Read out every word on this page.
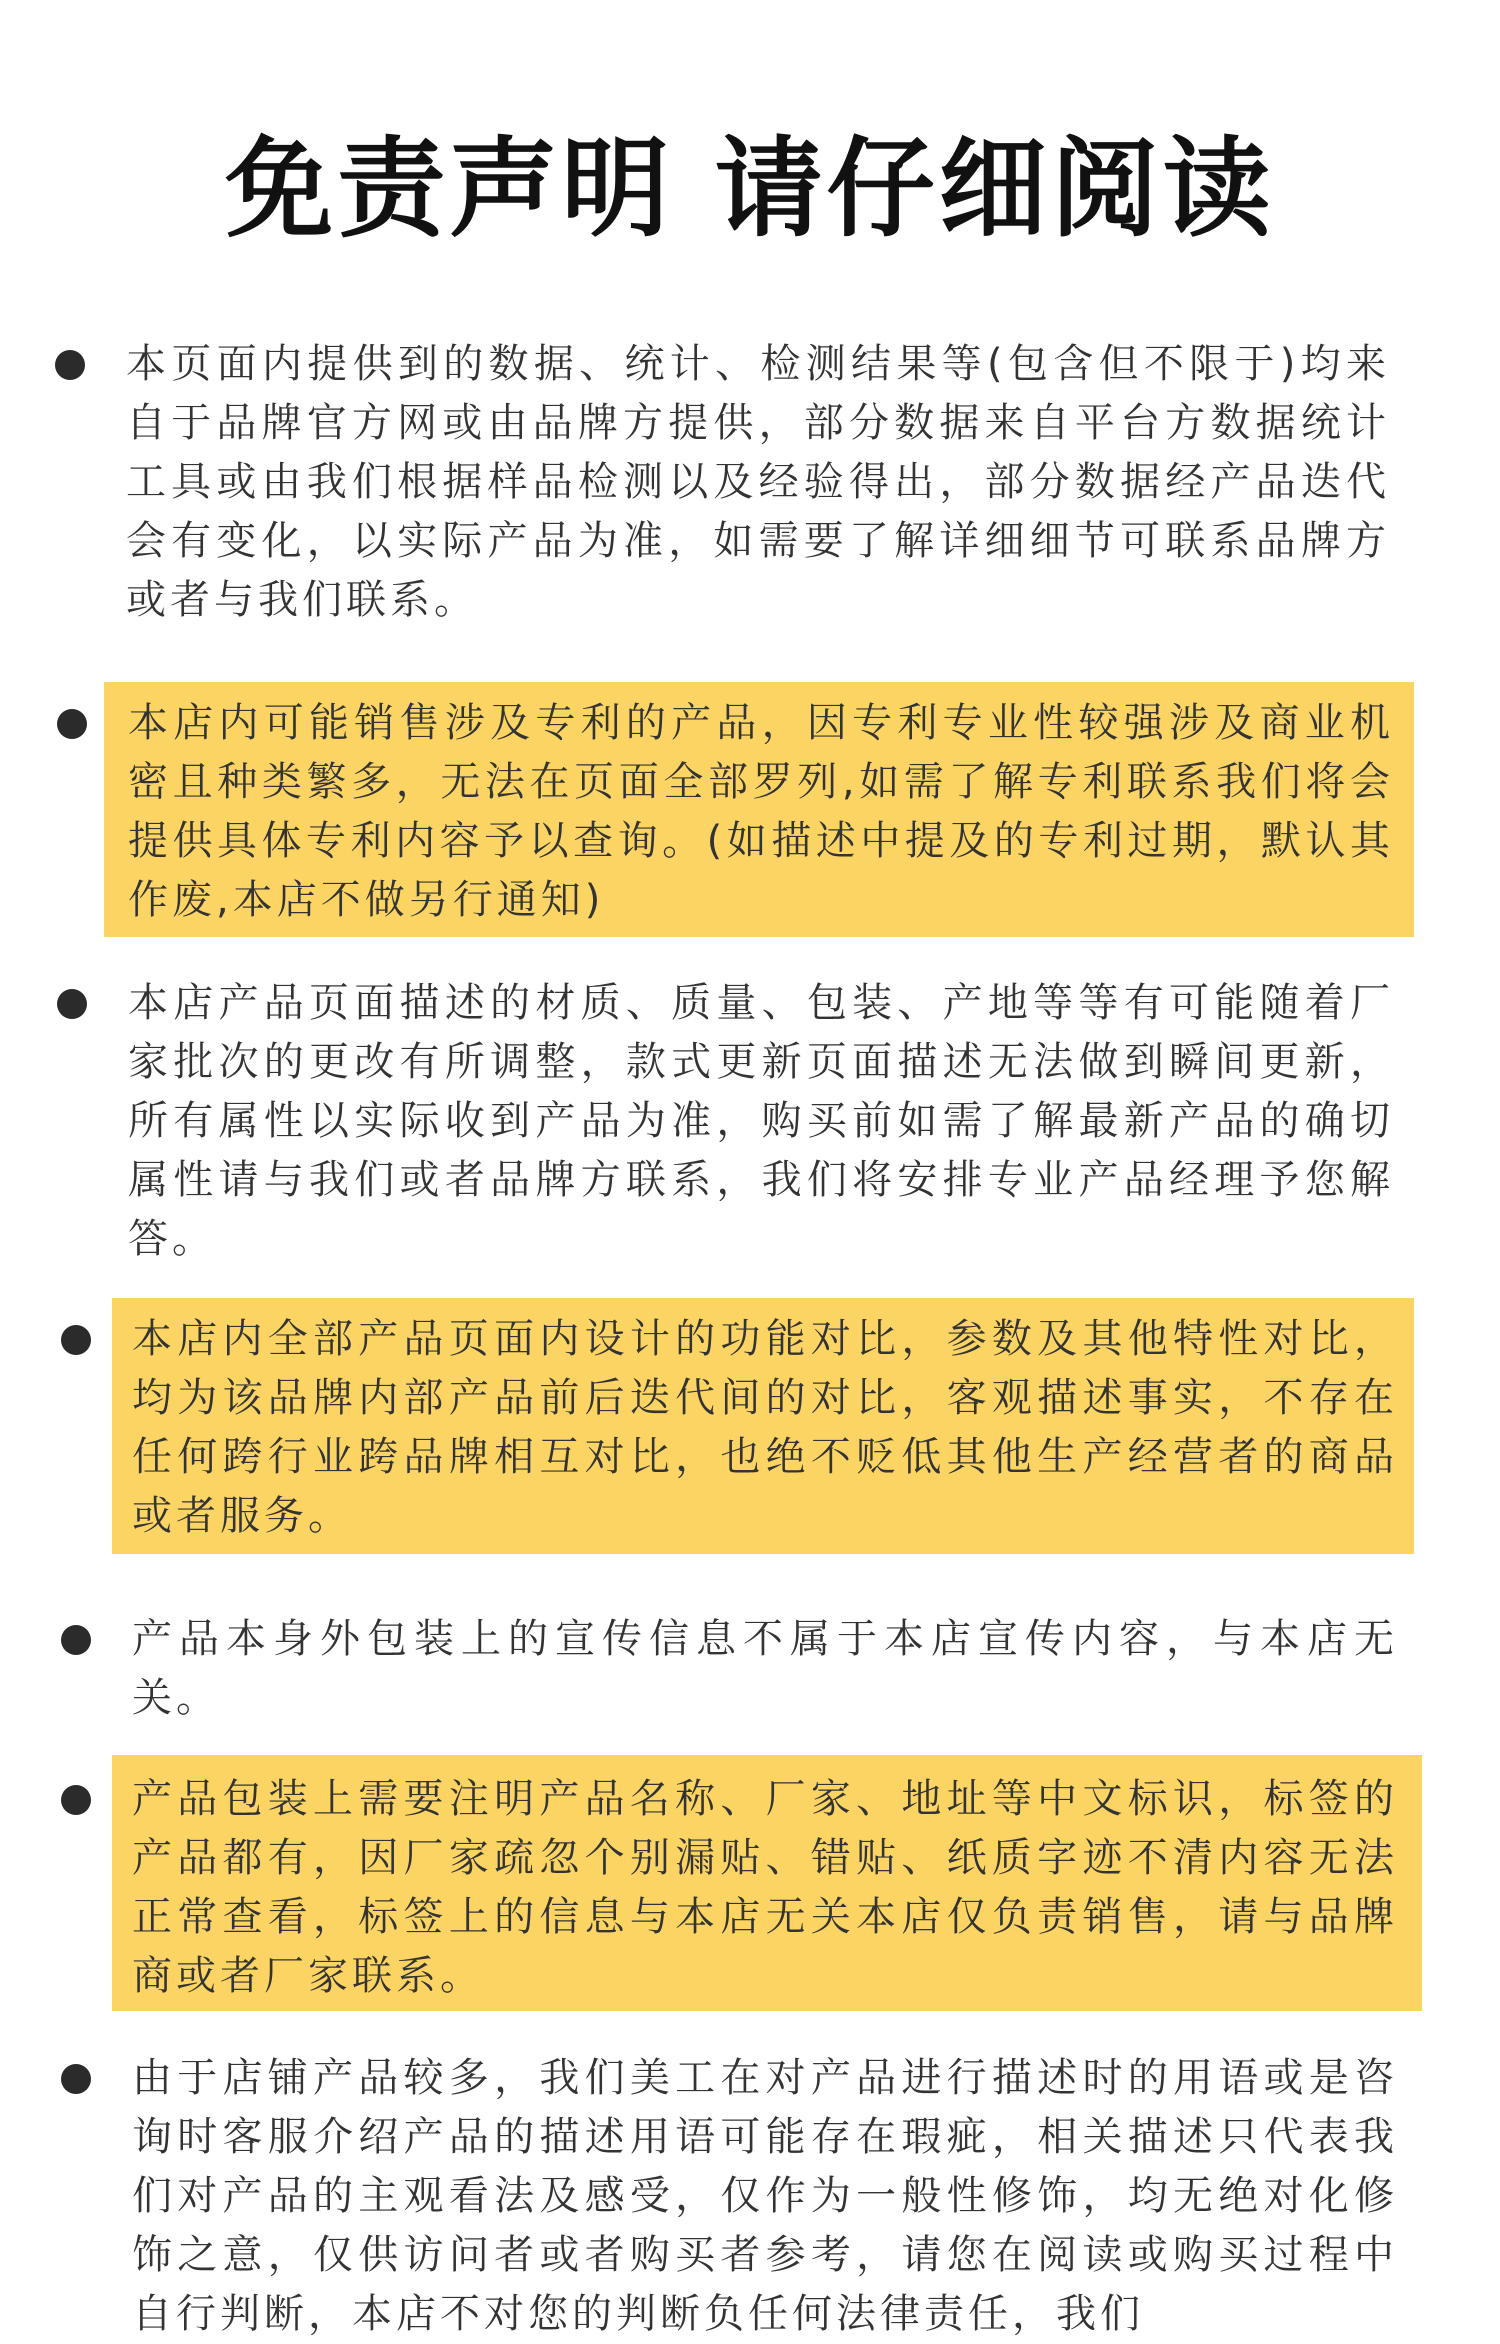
免责声明 请仔细阅读
本页面内提供到的数据、统计、检测结果等(包含但不限于)均来自于品牌官方网或由品牌方提供，部分数据来自平台方数据统计工具或由我们根据样品检测以及经验得出，部分数据经产品迭代会有变化，以实际产品为准，如需要了解详细细节可联系品牌方或者与我们联系。
本店内可能销售涉及专利的产品，因专利专业性较强涉及商业机密且种类繁多，无法在页面全部罗列,如需了解专利联系我们将会提供具体专利内容予以查询。(如描述中提及的专利过期，默认其作废,本店不做另行通知)
本店产品页面描述的材质、质量、包装、产地等等有可能随着厂家批次的更改有所调整，款式更新页面描述无法做到瞬间更新，所有属性以实际收到产品为准，购买前如需了解最新产品的确切属性请与我们或者品牌方联系，我们将安排专业产品经理予您解答。
本店内全部产品页面内设计的功能对比，参数及其他特性对比，均为该品牌内部产品前后迭代间的对比，客观描述事实，不存在任何跨行业跨品牌相互对比，也绝不贬低其他生产经营者的商品或者服务。
产品本身外包装上的宣传信息不属于本店宣传内容，与本店无关。
产品包装上需要注明产品名称、厂家、地址等中文标识，标签的产品都有，因厂家疏忽个别漏贴、错贴、纸质字迹不清内容无法正常查看，标签上的信息与本店无关本店仅负责销售，请与品牌商或者厂家联系。
由于店铺产品较多，我们美工在对产品进行描述时的用语或是咨询时客服介绍产品的描述用语可能存在瑕疵，相关描述只代表我们对产品的主观看法及感受，仅作为一般性修饰，均无绝对化修饰之意，仅供访问者或者购买者参考，请您在阅读或购买过程中自行判断，本店不对您的判断负任何法律责任，我们
